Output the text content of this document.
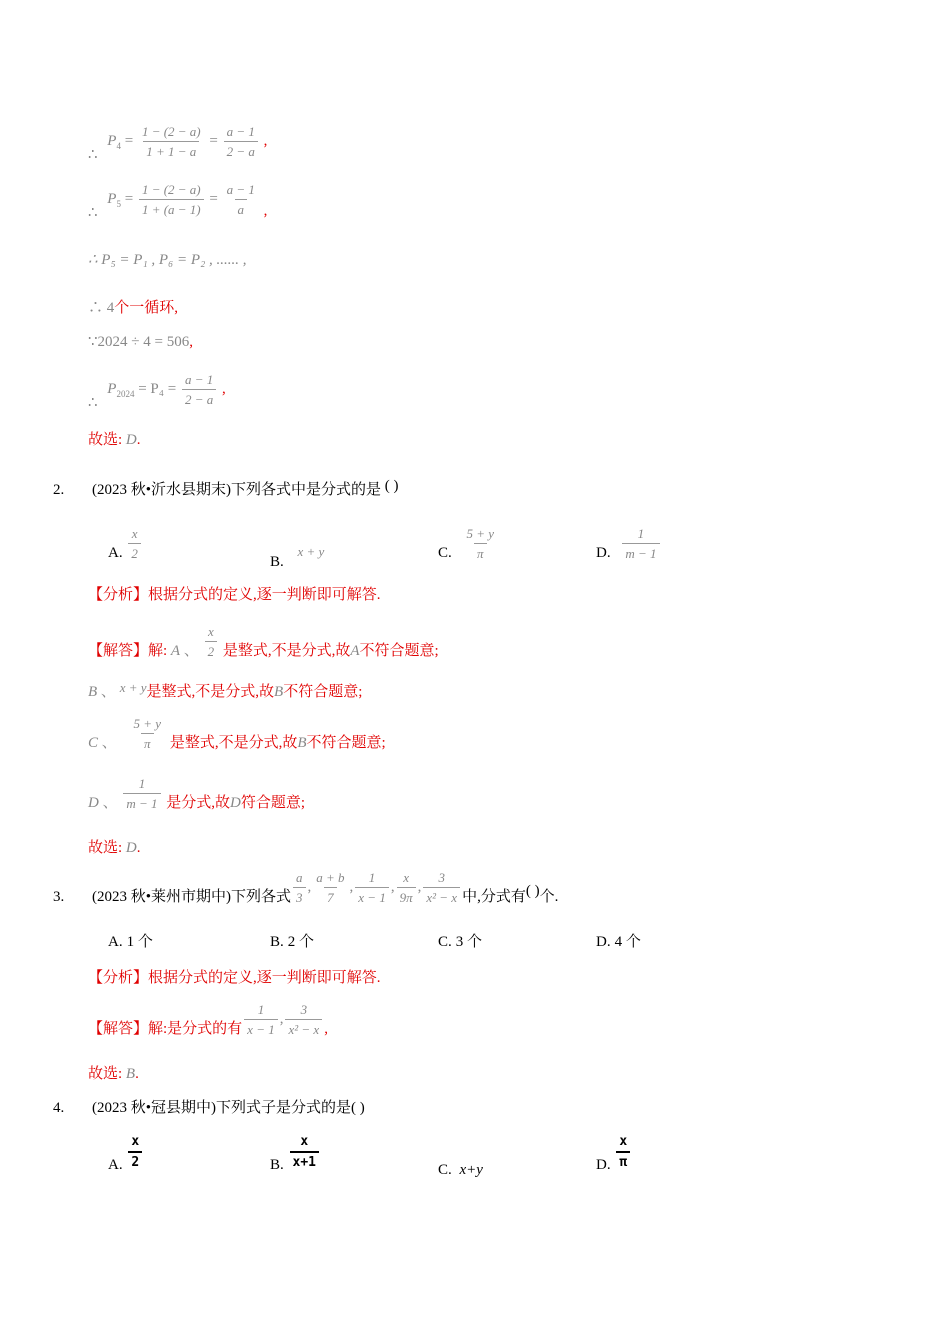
∴ $P_4 = \frac{1 - (2 - a)}{1 + 1 - a} = \frac{a - 1}{2 - a}$ ,
∴ $P_5 = \frac{1 - (2 - a)}{1 + (a - 1)} = \frac{a - 1}{a}$ ,
∴ P₅ = P₁ , P₆ = P₂ , ...... ,
∴ 4个一循环,
∵2024 ÷ 4 = 506,
∴ $P_{2024} = P_4 = \frac{a - 1}{2 - a}$ ,
故选: D.
2. (2023 秋•沂水县期末)下列各式中是分式的是 ( )
A. $\frac{x}{2}$
B. x + y	C. $\frac{5 + y}{\pi}$	D. $\frac{1}{m - 1}$
【分析】根据分式的定义,逐一判断即可解答.
【解答】解: A 、 $\frac{x}{2}$ 是整式,不是分式,故A不符合题意;
B 、 x + y是整式,不是分式,故B不符合题意;
C 、 $\frac{5 + y}{\pi}$ 是整式,不是分式,故B不符合题意;
D 、 $\frac{1}{m - 1}$ 是分式,故D符合题意;
故选: D.
3. (2023 秋•莱州市期中)下列各式 $\frac{a}{3}$ , $\frac{a + b}{7}$ , $\frac{1}{x - 1}$ , $\frac{x}{9\pi}$ , $\frac{3}{\text{x² − x}}$ 中,分式有( )个.
A. 1 个	B. 2 个	C. 3 个	D. 4 个
【分析】根据分式的定义,逐一判断即可解答.
【解答】解:是分式的有 $\frac{1}{x - 1}$ , $\frac{3}{\text{x² − x}}$ ,
故选: B.
4. (2023 秋•冠县期中)下列式子是分式的是( )
A. $\frac{x}{2}$	B. $\frac{x}{x+1}$	C. x+y	D. $\frac{x}{\pi}$
